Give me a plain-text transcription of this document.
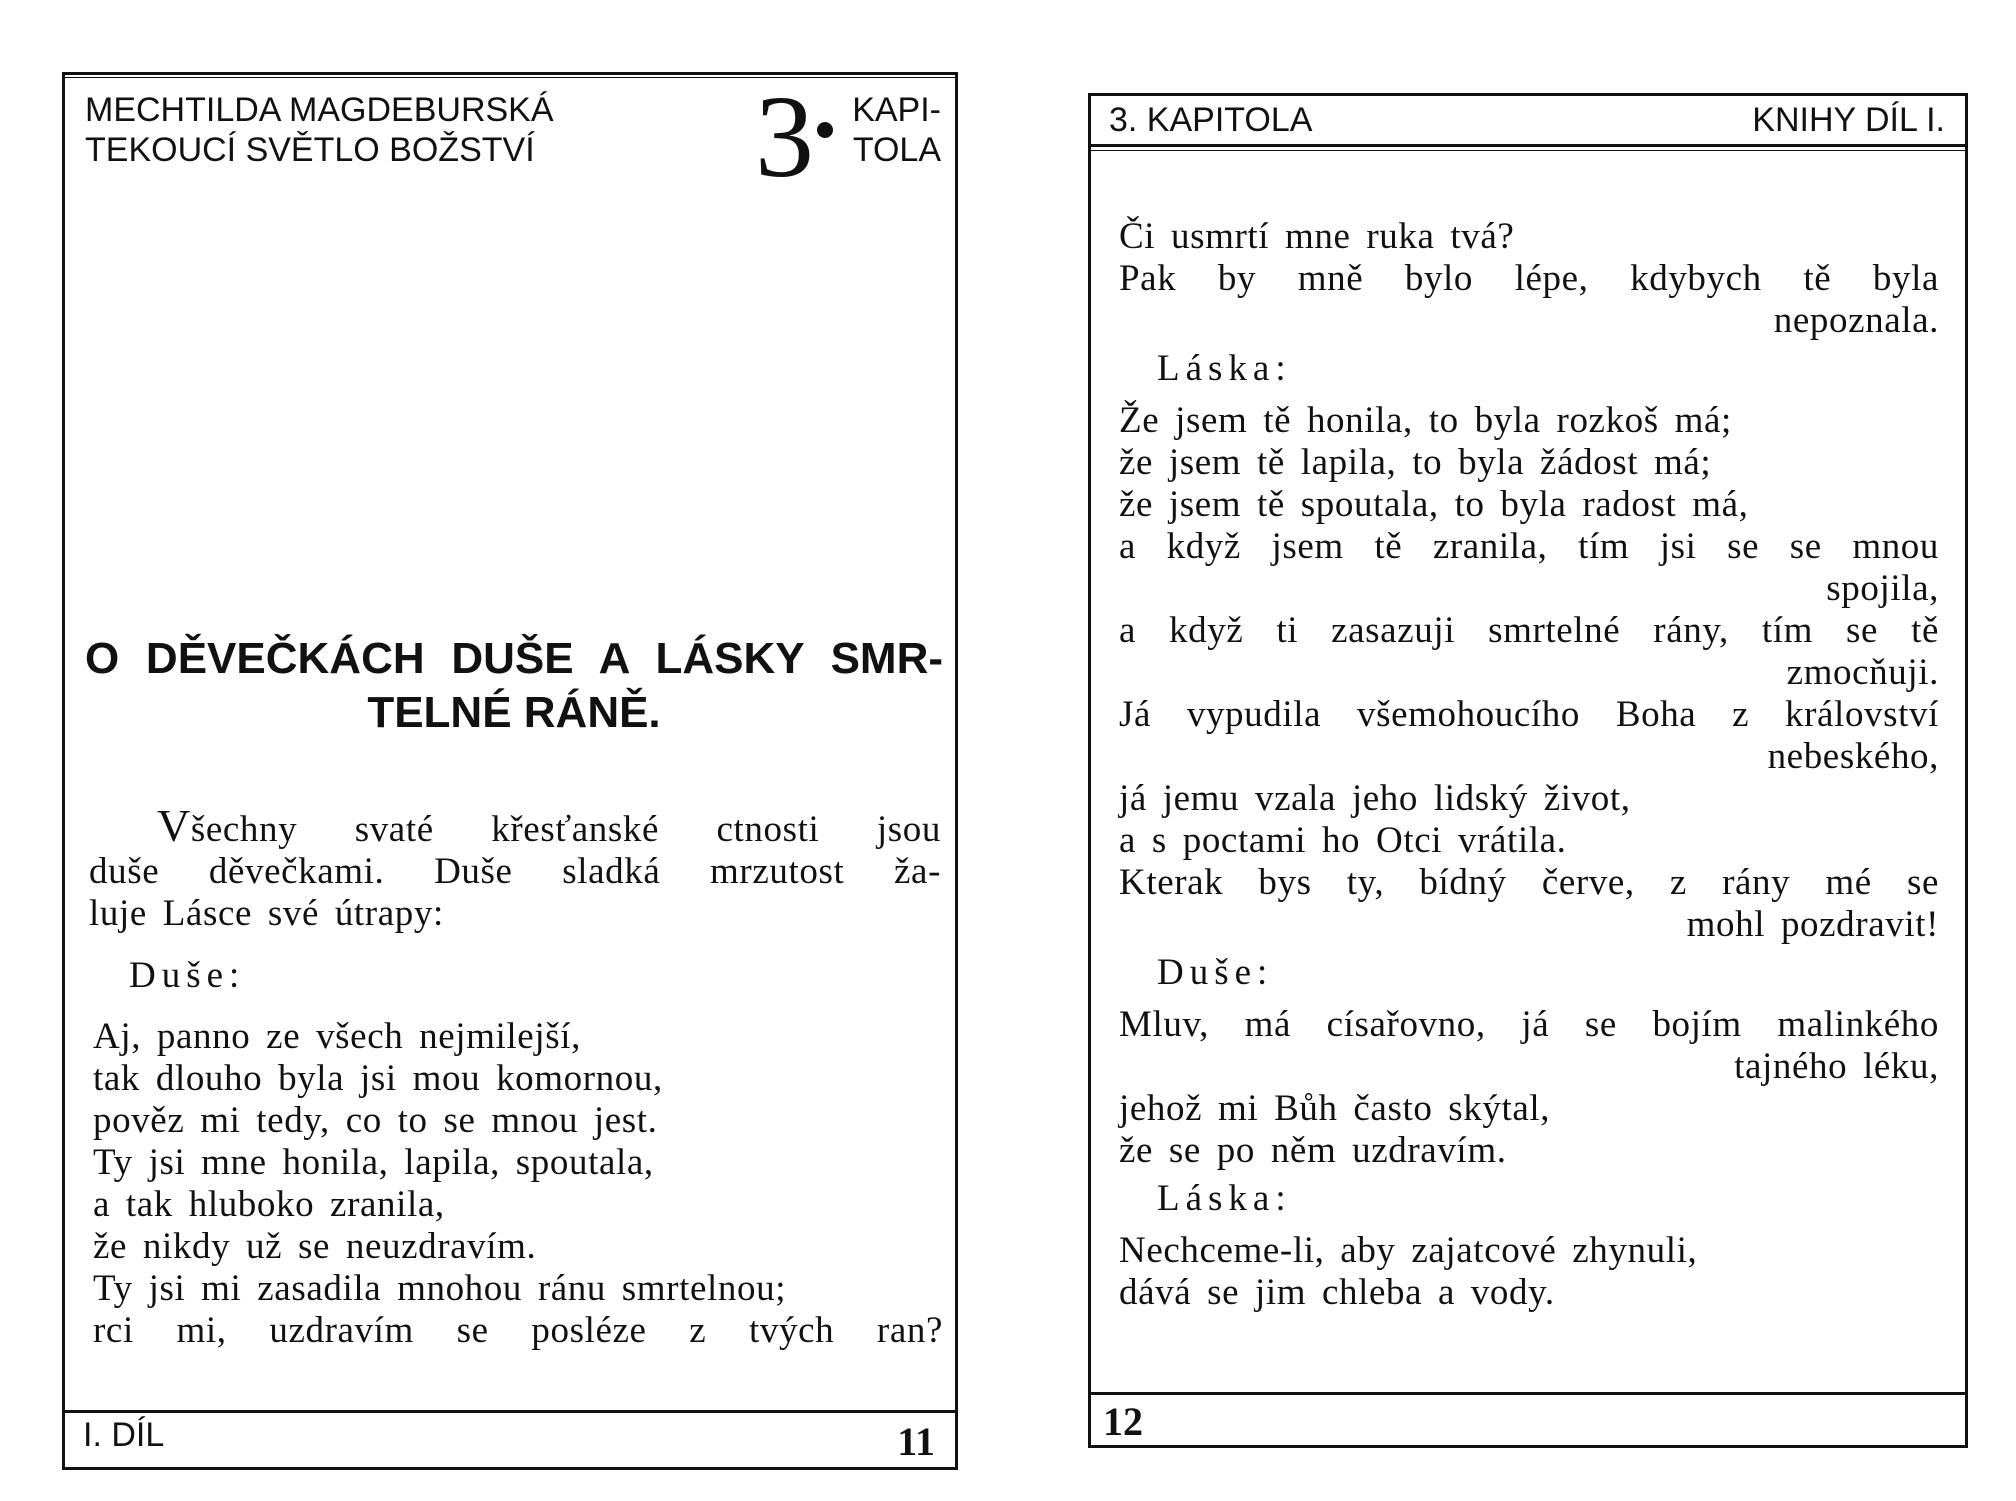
MECHTILDA MAGDEBURSKÁ
TEKOUCÍ SVĚTLO BOŽSTVÍ 3	KAPI-
TOLA
O DĚVEČKÁCH DUŠE A LÁSKY SMR-
TELNÉ RÁNĚ.
Všechny svaté křesťanské ctnosti jsou
duše děvečkami. Duše sladká mrzutost ža-
luje Lásce své útrapy:
Duše:
Aj, panno ze všech nejmilejší,
tak dlouho byla jsi mou komornou,
pověz mi tedy, co to se mnou jest.
Ty jsi mne honila, lapila, spoutala,
a tak hluboko zranila,
že nikdy už se neuzdravím.
Ty jsi mi zasadila mnohou ránu smrtelnou;
rci mi, uzdravím se posléze z tvých ran?
I. DÍL	11
3. KAPITOLA	KNIHY DÍL I.
Či usmrtí mne ruka tvá?
Pak by mně bylo lépe, kdybych tě byla
nepoznala.
Láska:
Že jsem tě honila, to byla rozkoš má;
že jsem tě lapila, to byla žádost má;
že jsem tě spoutala, to byla radost má,
a když jsem tě zranila, tím jsi se se mnou
spojila,
a když ti zasazuji smrtelné rány, tím se tě
zmocňuji.
Já vypudila všemohoucího Boha z království
nebeského,
já jemu vzala jeho lidský život,
a s poctami ho Otci vrátila.
Kterak bys ty, bídný červe, z rány mé se
mohl pozdravit!
Duše:
Mluv, má císařovno, já se bojím malinkého
tajného léku,
jehož mi Bůh často skýtal,
že se po něm uzdravím.
Láska:
Nechceme-li, aby zajatcové zhynuli,
dává se jim chleba a vody.
12
